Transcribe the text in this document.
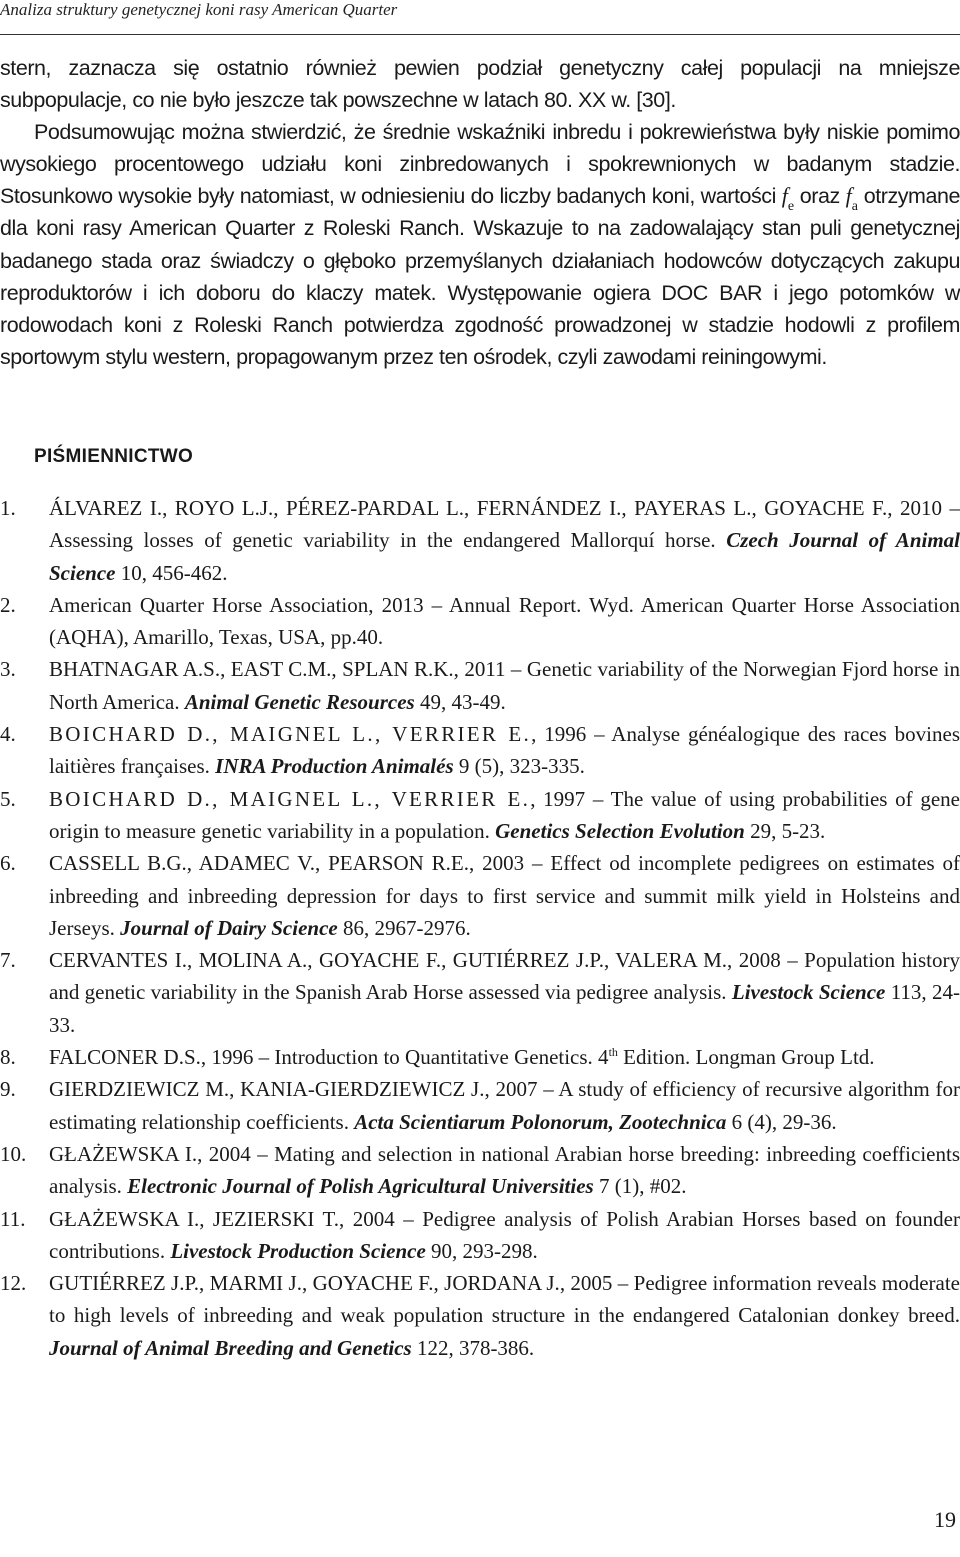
Analiza struktury genetycznej koni rasy American Quarter

stern, zaznacza się ostatnio również pewien podział genetyczny całej populacji na mniejsze subpopulacje, co nie było jeszcze tak powszechne w latach 80. XX w. [30].

Podsumowując można stwierdzić, że średnie wskaźniki inbredu i pokrewieństwa były niskie pomimo wysokiego procentowego udziału koni zinbredowanych i spokrewnionych w badanym stadzie. Stosunkowo wysokie były natomiast, w odniesieniu do liczby badanych koni, wartości $f_e$ oraz $f_a$ otrzymane dla koni rasy American Quarter z Roleski Ranch. Wskazuje to na zadowalający stan puli genetycznej badanego stada oraz świadczy o głęboko przemyślanych działaniach hodowców dotyczących zakupu reproduktorów i ich doboru do klaczy matek. Występowanie ogiera DOC BAR i jego potomków w rodowodach koni z Roleski Ranch potwierdza zgodność prowadzonej w stadzie hodowli z profilem sportowym stylu western, propagowanym przez ten ośrodek, czyli zawodami reiningowymi.

PIŚMIENNICTWO
1. ÁLVAREZ I., ROYO L.J., PÉREZ-PARDAL L., FERNÁNDEZ I., PAYERAS L., GOYACHE F., 2010 – Assessing losses of genetic variability in the endangered Mallorquí horse. Czech Journal of Animal Science 10, 456-462.
2. American Quarter Horse Association, 2013 – Annual Report. Wyd. American Quarter Horse Association (AQHA), Amarillo, Texas, USA, pp.40.
3. BHATNAGAR A.S., EAST C.M., SPLAN R.K., 2011 – Genetic variability of the Norwegian Fjord horse in North America. Animal Genetic Resources 49, 43-49.
4. BOICHARD D., MAIGNEL L., VERRIER E., 1996 – Analyse généalogique des races bovines laitières françaises. INRA Production Animalés 9 (5), 323-335.
5. BOICHARD D., MAIGNEL L., VERRIER E., 1997 – The value of using probabilities of gene origin to measure genetic variability in a population. Genetics Selection Evolution 29, 5-23.
6. CASSELL B.G., ADAMEC V., PEARSON R.E., 2003 – Effect od incomplete pedigrees on estimates of inbreeding and inbreeding depression for days to first service and summit milk yield in Holsteins and Jerseys. Journal of Dairy Science 86, 2967-2976.
7. CERVANTES I., MOLINA A., GOYACHE F., GUTIÉRREZ J.P., VALERA M., 2008 – Population history and genetic variability in the Spanish Arab Horse assessed via pedigree analysis. Livestock Science 113, 24-33.
8. FALCONER D.S., 1996 – Introduction to Quantitative Genetics. 4th Edition. Longman Group Ltd.
9. GIERDZIEWICZ M., KANIA-GIERDZIEWICZ J., 2007 – A study of efficiency of recursive algorithm for estimating relationship coefficients. Acta Scientiarum Polonorum, Zootechnica 6 (4), 29-36.
10. GŁAŻEWSKA I., 2004 – Mating and selection in national Arabian horse breeding: inbreeding coefficients analysis. Electronic Journal of Polish Agricultural Universities 7 (1), #02.
11. GŁAŻEWSKA I., JEZIERSKI T., 2004 – Pedigree analysis of Polish Arabian Horses based on founder contributions. Livestock Production Science 90, 293-298.
12. GUTIÉRREZ J.P., MARMI J., GOYACHE F., JORDANA J., 2005 – Pedigree information reveals moderate to high levels of inbreeding and weak population structure in the endangered Catalonian donkey breed. Journal of Animal Breeding and Genetics 122, 378-386.
19
